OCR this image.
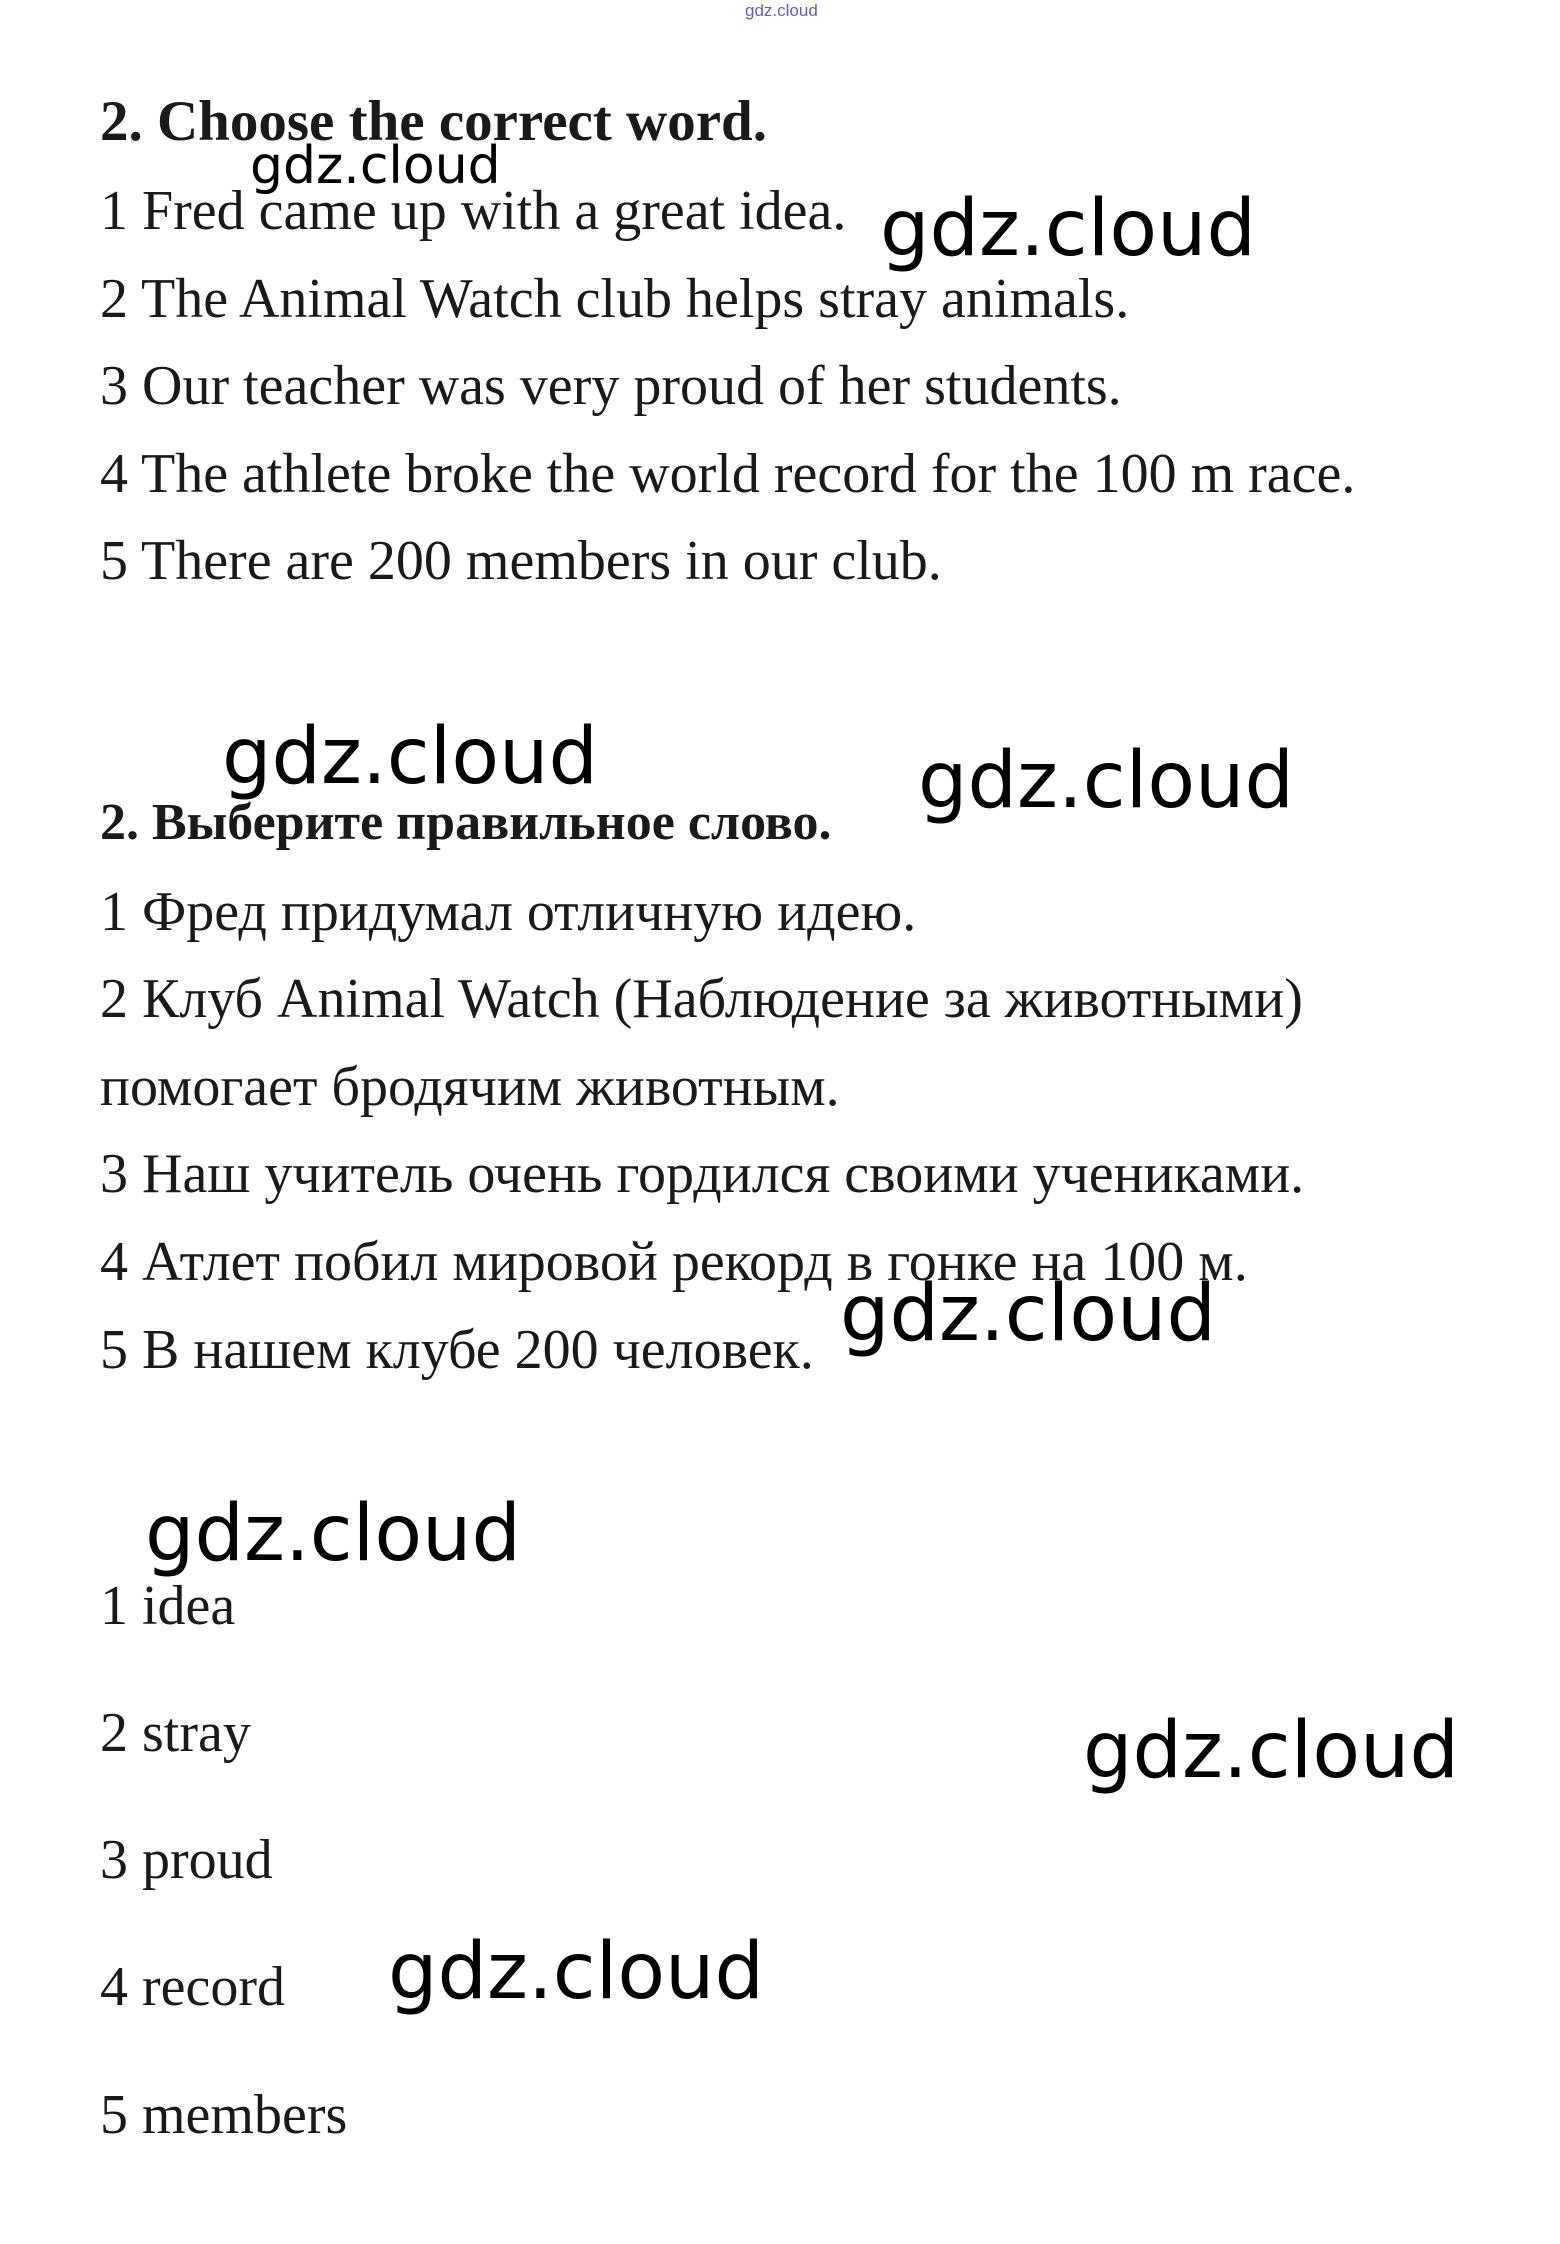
gdz.cloud
2. Choose the correct word.
1 Fred came up with a great idea.
2 The Animal Watch club helps stray animals.
3 Our teacher was very proud of her students.
4 The athlete broke the world record for the 100 m race.
5 There are 200 members in our club.
2. Выберите правильное слово.
1 Фред придумал отличную идею.
2 Клуб Animal Watch (Наблюдение за животными)
помогает бродячим животным.
3 Наш учитель очень гордился своими учениками.
4 Атлет побил мировой рекорд в гонке на 100 м.
5 В нашем клубе 200 человек.
1 idea
2 stray
3 proud
4 record
5 members
gdz.cloud
gdz.cloud
gdz.cloud	gdz.cloud
gdz.cloud
gdz.cloud
gdz.cloud
gdz.cloud
